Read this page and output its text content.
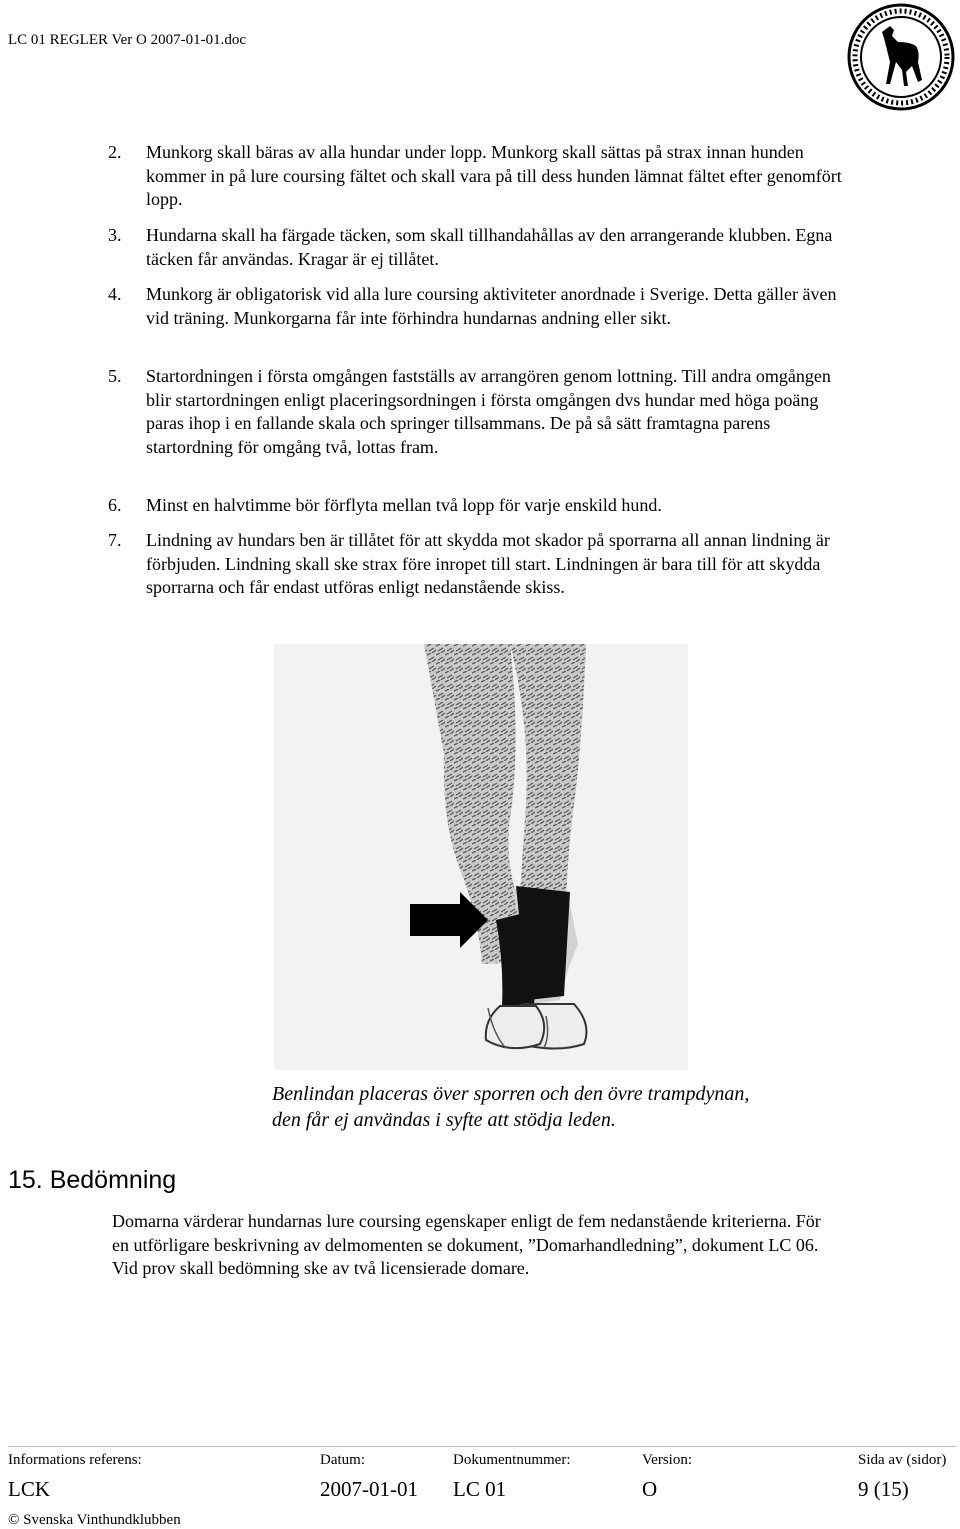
LC 01 REGLER Ver O 2007-01-01.doc
2. Munkorg skall bäras av alla hundar under lopp. Munkorg skall sättas på strax innan hunden kommer in på lure coursing fältet och skall vara på till dess hunden lämnat fältet efter genomfört lopp.
3. Hundarna skall ha färgade täcken, som skall tillhandahållas av den arrangerande klubben. Egna täcken får användas. Kragar är ej tillåtet.
4. Munkorg är obligatorisk vid alla lure coursing aktiviteter anordnade i Sverige. Detta gäller även vid träning. Munkorgarna får inte förhindra hundarnas andning eller sikt.
5. Startordningen i första omgången fastställs av arrangören genom lottning. Till andra omgången blir startordningen enligt placeringsordningen i första omgången dvs hundar med höga poäng paras ihop i en fallande skala och springer tillsammans. De på så sätt framtagna parens startordning för omgång två, lottas fram.
6. Minst en halvtimme bör förflyta mellan två lopp för varje enskild hund.
7. Lindning av hundars ben är tillåtet för att skydda mot skador på sporrarna all annan lindning är förbjuden. Lindning skall ske strax före inropet till start. Lindningen är bara till för att skydda sporrarna och får endast utföras enligt nedanstående skiss.
Benlindan placeras över sporren och den övre trampdynan,
den får ej användas i syfte att stödja leden.
15. Bedömning
Domarna värderar hundarnas lure coursing egenskaper enligt de fem nedanstående kriterierna. För en utförligare beskrivning av delmomenten se dokument, ”Domarhandledning”, dokument LC 06. Vid prov skall bedömning ske av två licensierade domare.
Informations referens:	Datum:	Dokumentnummer:	Version:	Sida av (sidor)
LCK	2007-01-01 LC 01	O	9 (15)
© Svenska Vinthundklubben
